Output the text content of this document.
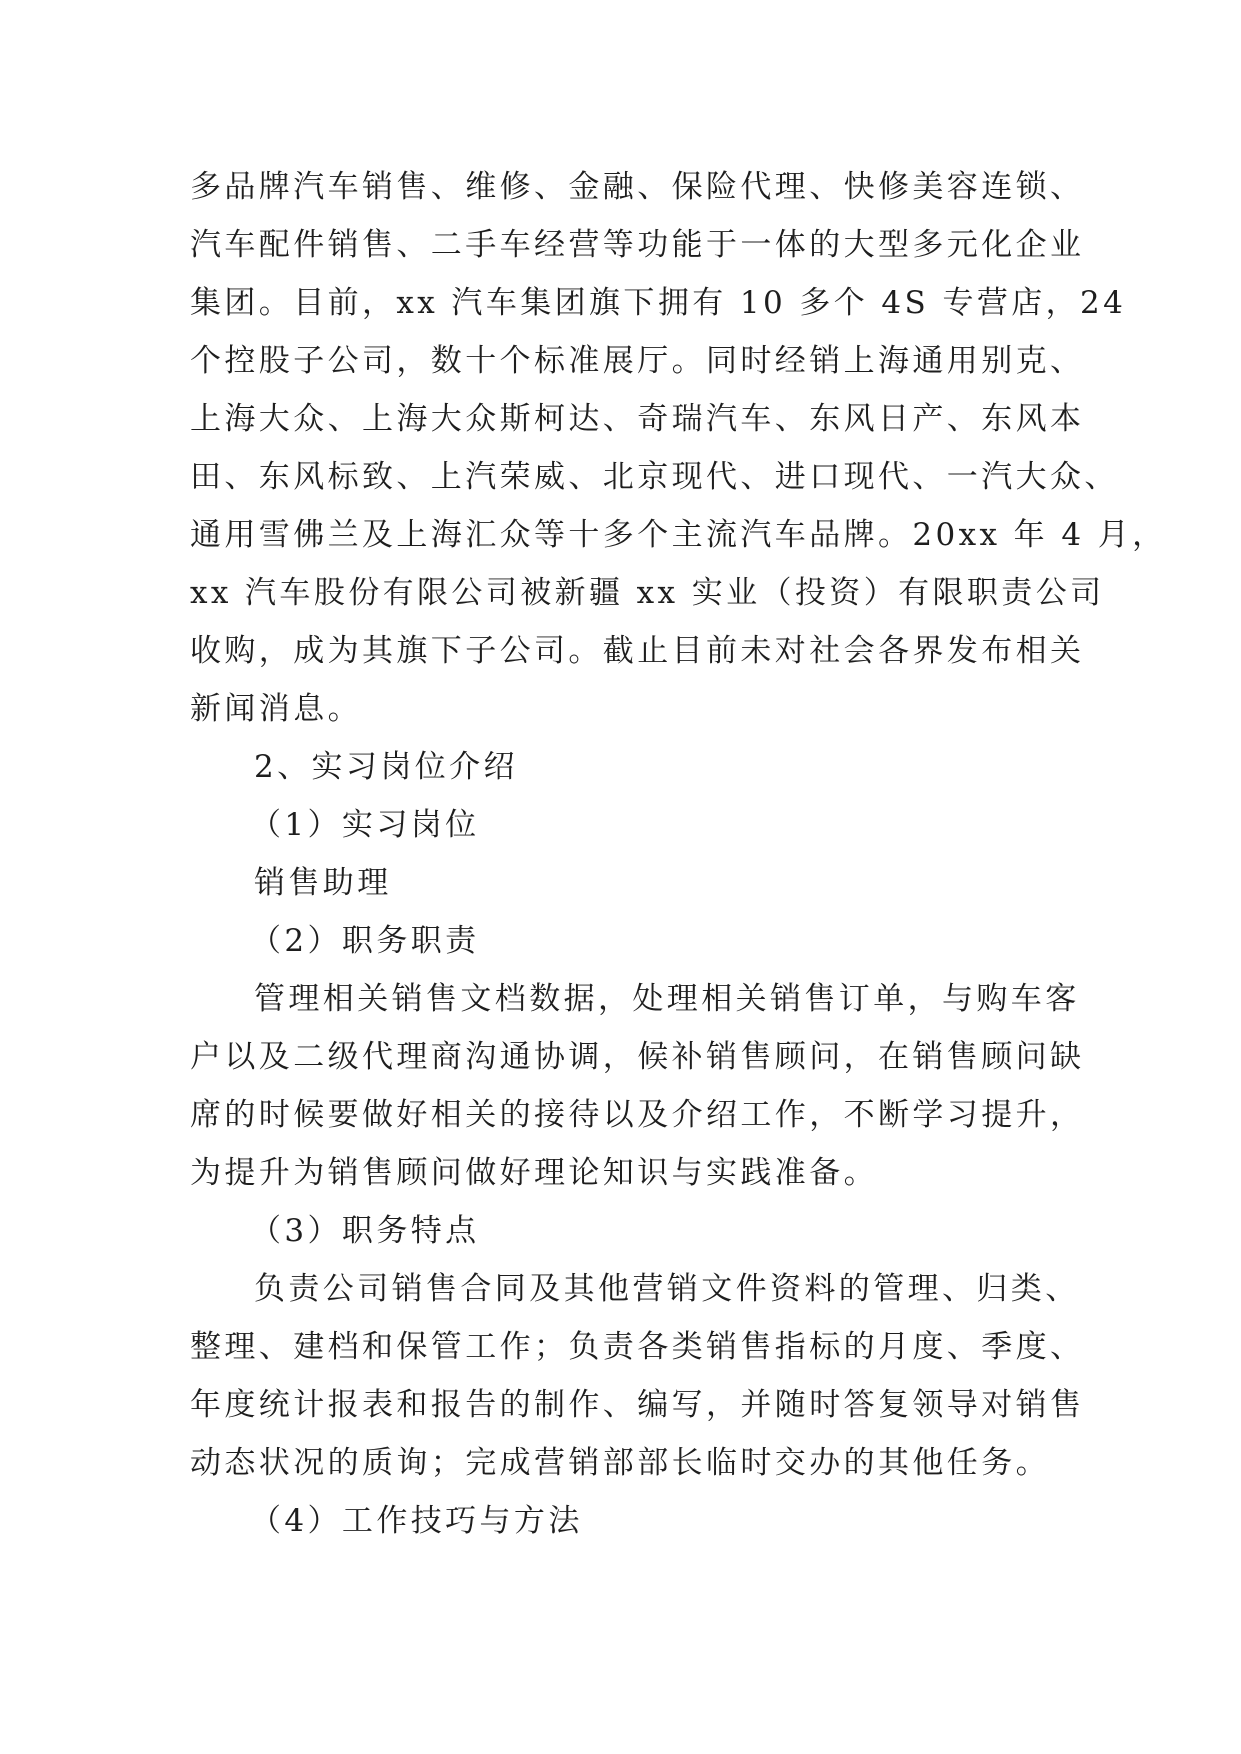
多品牌汽车销售、维修、金融、保险代理、快修美容连锁、
汽车配件销售、二手车经营等功能于一体的大型多元化企业
集团。目前，xx 汽车集团旗下拥有 10 多个 4S 专营店，24
个控股子公司，数十个标准展厅。同时经销上海通用别克、
上海大众、上海大众斯柯达、奇瑞汽车、东风日产、东风本
田、东风标致、上汽荣威、北京现代、进口现代、一汽大众、
通用雪佛兰及上海汇众等十多个主流汽车品牌。20xx 年 4 月，
xx 汽车股份有限公司被新疆 xx 实业（投资）有限职责公司
收购，成为其旗下子公司。截止目前未对社会各界发布相关
新闻消息。
2、实习岗位介绍
（1）实习岗位
销售助理
（2）职务职责
管理相关销售文档数据，处理相关销售订单，与购车客
户以及二级代理商沟通协调，候补销售顾问，在销售顾问缺
席的时候要做好相关的接待以及介绍工作，不断学习提升，
为提升为销售顾问做好理论知识与实践准备。
（3）职务特点
负责公司销售合同及其他营销文件资料的管理、归类、
整理、建档和保管工作；负责各类销售指标的月度、季度、
年度统计报表和报告的制作、编写，并随时答复领导对销售
动态状况的质询；完成营销部部长临时交办的其他任务。
（4）工作技巧与方法
